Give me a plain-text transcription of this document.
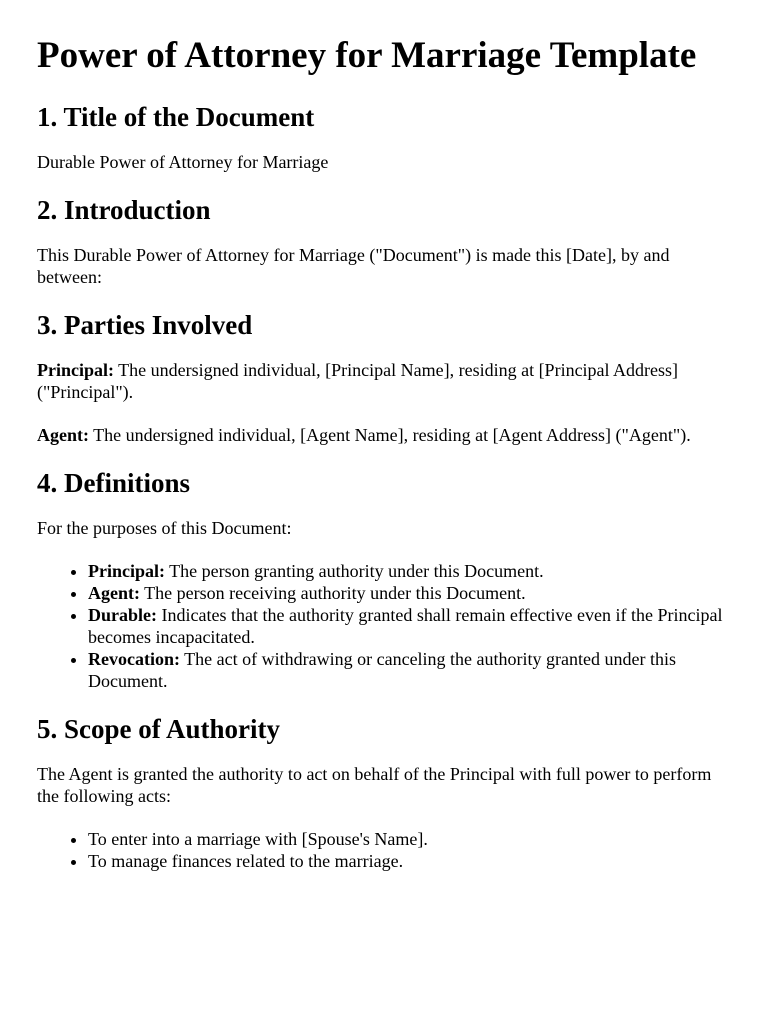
Power of Attorney for Marriage Template
1. Title of the Document

Durable Power of Attorney for Marriage

2. Introduction

This Durable Power of Attorney for Marriage ("Document") is made this [Date], by and between:

3. Parties Involved

Principal: The undersigned individual, [Principal Name], residing at [Principal Address] ("Principal").

Agent: The undersigned individual, [Agent Name], residing at [Agent Address] ("Agent").

4. Definitions

For the purposes of this Document:

• Principal: The person granting authority under this Document.
• Agent: The person receiving authority under this Document.
• Durable: Indicates that the authority granted shall remain effective even if the Principal becomes incapacitated.
• Revocation: The act of withdrawing or canceling the authority granted under this Document.
5. Scope of Authority

The Agent is granted the authority to act on behalf of the Principal with full power to perform the following acts:

• To enter into a marriage with [Spouse's Name].
• To manage finances related to the marriage.
